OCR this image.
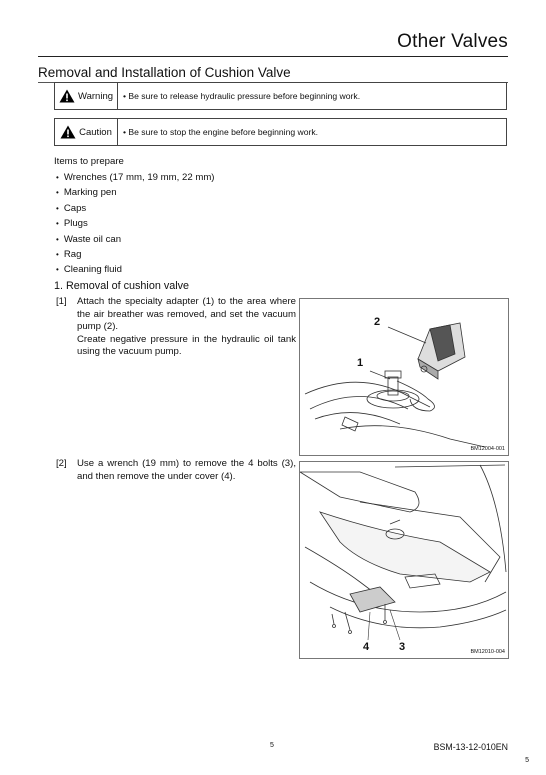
Other Valves
Removal and Installation of Cushion Valve
Warning • Be sure to release hydraulic pressure before beginning work.
Caution • Be sure to stop the engine before beginning work.
Items to prepare
• Wrenches (17 mm, 19 mm, 22 mm)
• Marking pen
• Caps
• Plugs
• Waste oil can
• Rag
• Cleaning fluid
1. Removal of cushion valve
[1] Attach the specialty adapter (1) to the area where the air breather was removed, and set the vacuum pump (2).

Create negative pressure in the hydraulic oil tank using the vacuum pump.

[2] Use a wrench (19 mm) to remove the 4 bolts (3), and then remove the under cover (4).

2
1
BM12004-001
4	3	BM12010-004
5	BSM-13-12-010EN
5
